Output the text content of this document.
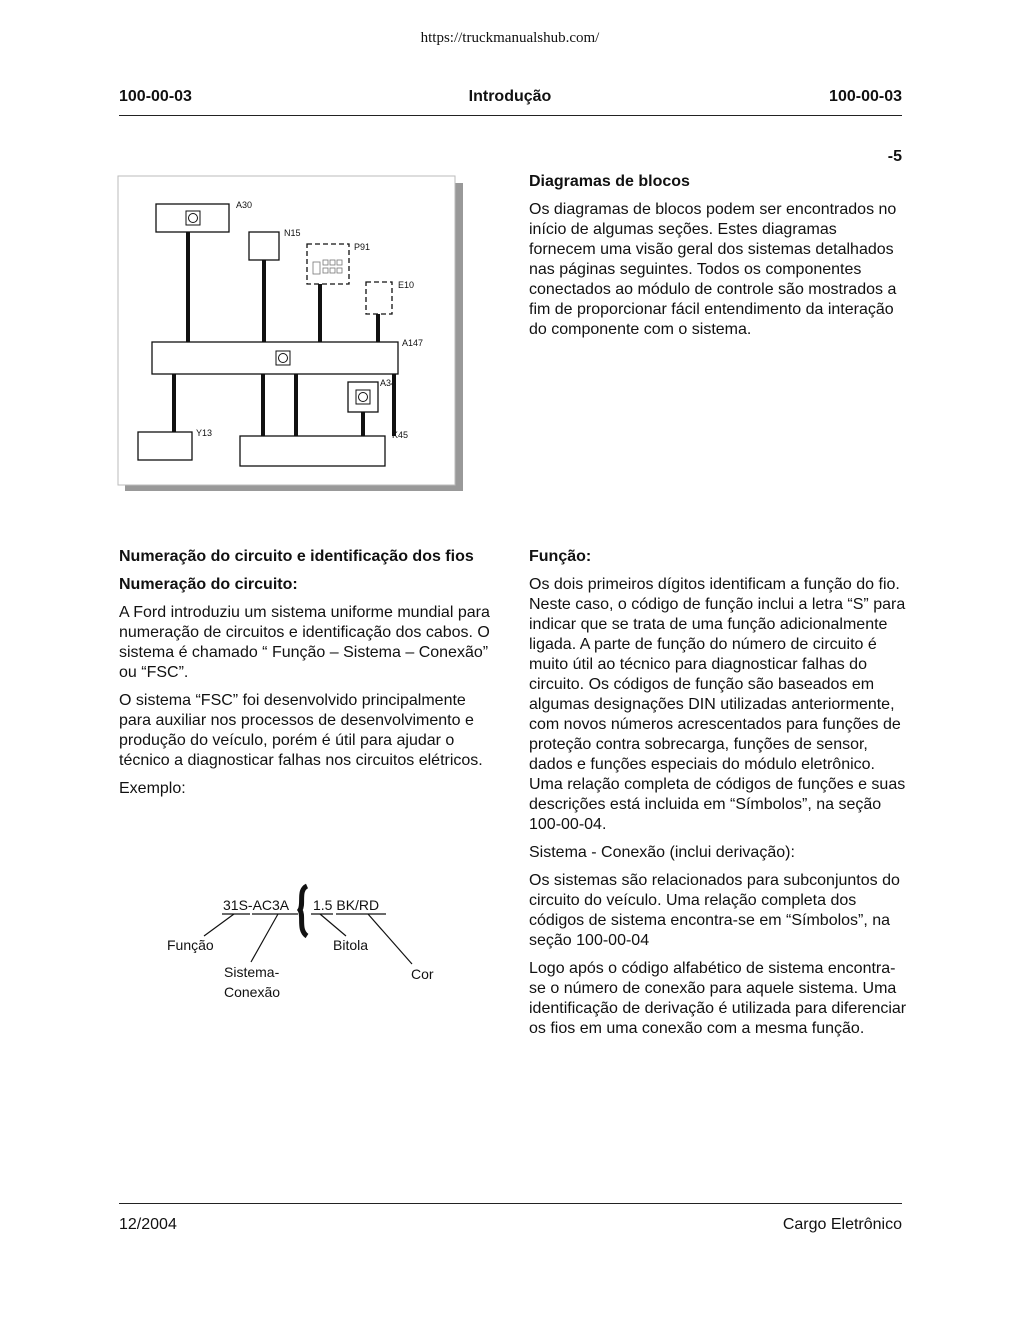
https://truckmanualshub.com/
100-00-03	Introdução	100-00-03
-5
A30
N15
P91
E10
A147
A34
Y13	K45
Diagramas de blocos

Os diagramas de blocos podem ser encontrados no início de algumas seções. Estes diagramas fornecem uma visão geral dos sistemas detalhados nas páginas seguintes. Todos os componentes conectados ao módulo de controle são mostrados a fim de proporcionar fácil entendimento da interação do componente com o sistema.

Numeração do circuito e identificação dos fios
Numeração do circuito:

A Ford introduziu um sistema uniforme mundial para numeração de circuitos e identificação dos cabos. O sistema é chamado “ Função – Sistema – Conexão” ou “FSC”.

O sistema “FSC” foi desenvolvido principalmente para auxiliar nos processos de desenvolvimento e produção do veículo, porém é útil para ajudar o técnico a diagnosticar falhas nos circuitos elétricos.

Exemplo:

31S-AC3A 1.5 BK/RD
Função
Sistema-
Conexão
Bitola
Cor
Função:

Os dois primeiros dígitos identificam a função do fio. Neste caso, o código de função inclui a letra “S” para indicar que se trata de uma função adicionalmente ligada. A parte de função do número de circuito é muito útil ao técnico para diagnosticar falhas do circuito. Os códigos de função são baseados em algumas designações DIN utilizadas anteriormente, com novos números acrescentados para funções de proteção contra sobrecarga, funções de sensor, dados e funções especiais do módulo eletrônico. Uma relação completa de códigos de funções e suas descrições está incluida em “Símbolos”, na seção 100-00-04.

Sistema - Conexão (inclui derivação):

Os sistemas são relacionados para subconjuntos do circuito do veículo. Uma relação completa dos códigos de sistema encontra-se em “Símbolos”, na seção 100-00-04

Logo após o código alfabético de sistema encontra-se o número de conexão para aquele sistema. Uma identificação de derivação é utilizada para diferenciar os fios em uma conexão com a mesma função.

12/2004	Cargo Eletrônico
